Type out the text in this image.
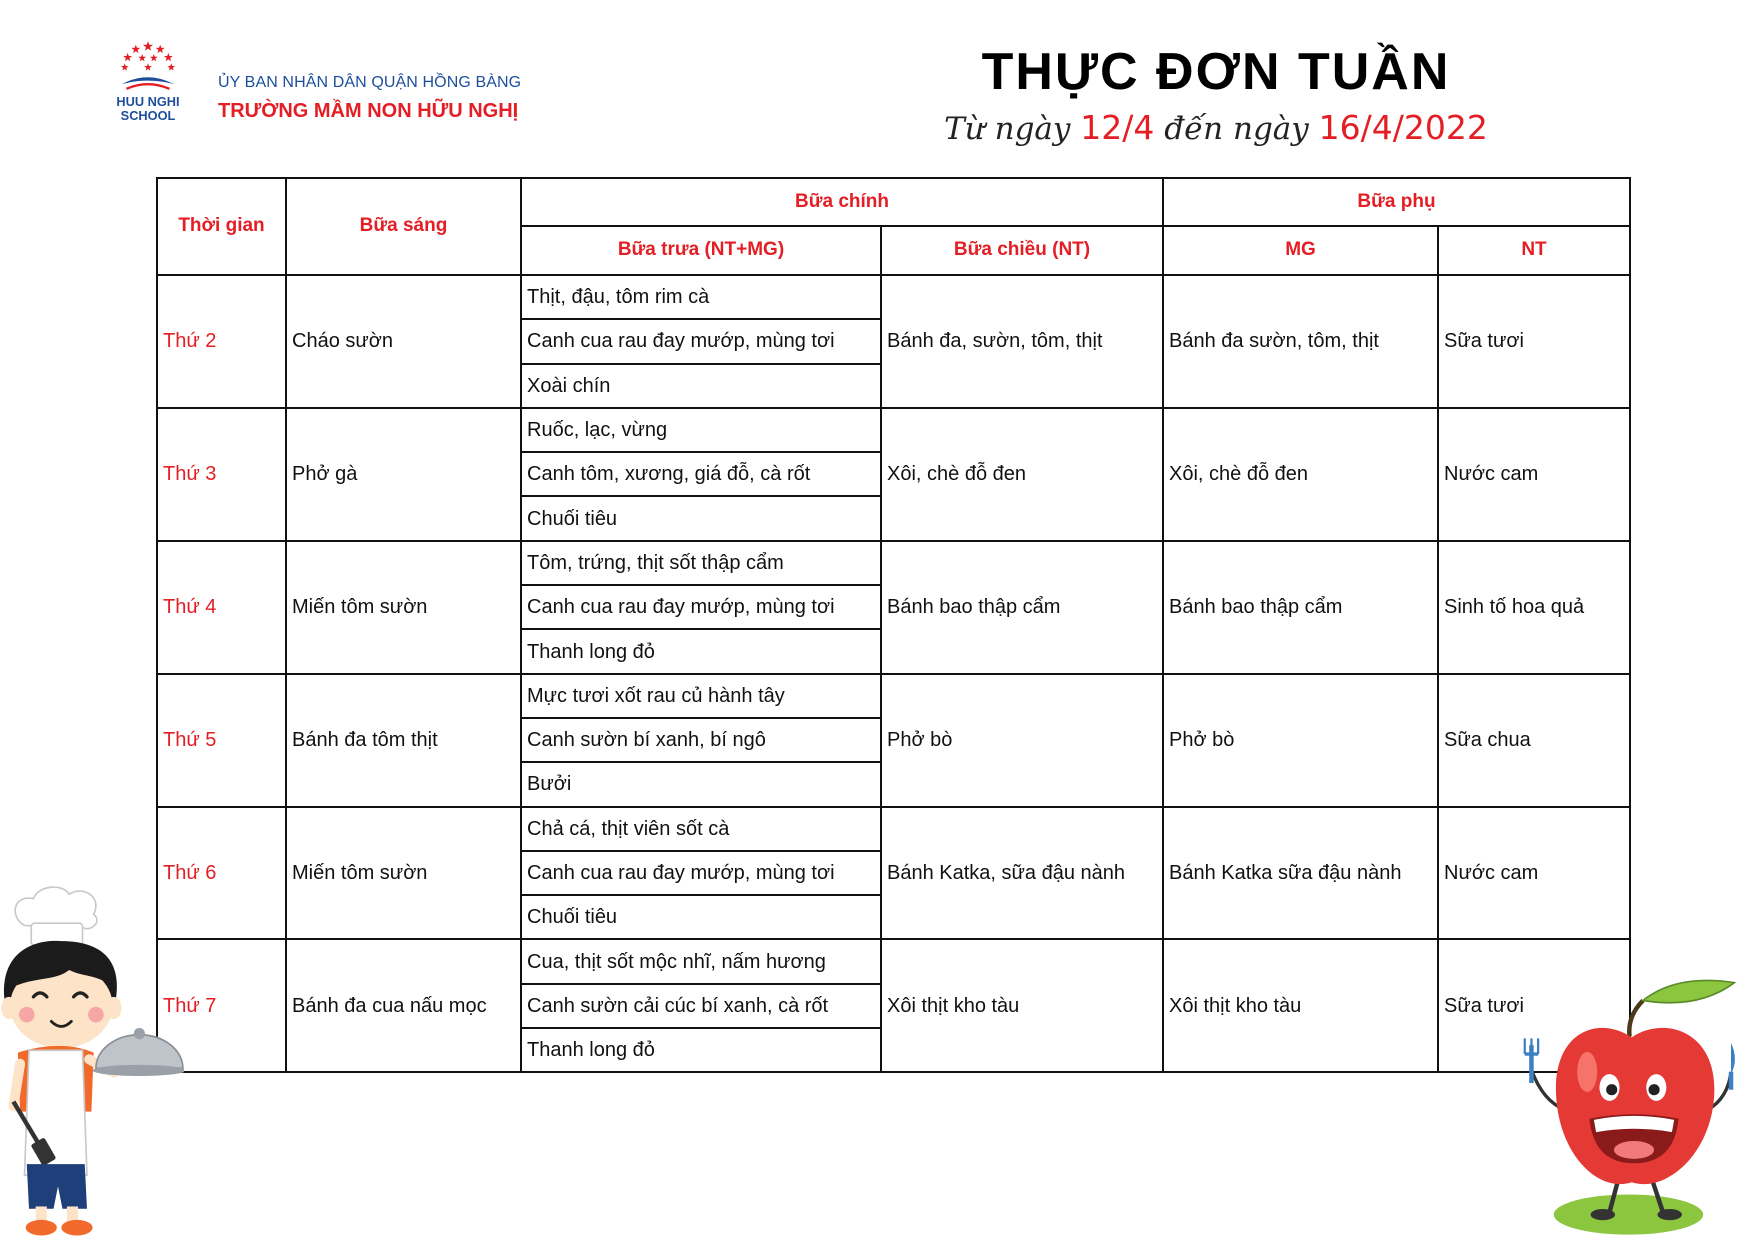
HUU NGHI
SCHOOL
ỦY BAN NHÂN DÂN QUẬN HỒNG BÀNG
TRƯỜNG MẦM NON HỮU NGHỊ
THỰC ĐƠN TUẦN
Từ ngày 12/4 đến ngày 16/4/2022
Thời gian	Bữa sáng	Bữa chính		Bữa phụ	
		Bữa trưa (NT+MG)	Bữa chiều (NT)	MG	NT
Thứ 2	Cháo sườn	Thịt, đậu, tôm rim cà	Bánh đa, sườn, tôm, thịt	Bánh đa sườn, tôm, thịt	Sữa tươi
		Canh cua rau đay mướp, mùng tơi			
		Xoài chín			
Thứ 3	Phở gà	Ruốc, lạc, vừng	Xôi, chè đỗ đen	Xôi, chè đỗ đen	Nước cam
		Canh tôm, xương, giá đỗ, cà rốt			
		Chuối tiêu			
Thứ 4	Miến tôm sườn	Tôm, trứng, thịt sốt thập cẩm	Bánh bao thập cẩm	Bánh bao thập cẩm	Sinh tố hoa quả
		Canh cua rau đay mướp, mùng tơi			
		Thanh long đỏ			
Thứ 5	Bánh đa tôm thịt	Mực tươi xốt rau củ hành tây	Phở bò	Phở bò	Sữa chua
		Canh sườn bí xanh, bí ngô			
		Bưởi			
Thứ 6	Miến tôm sườn	Chả cá, thịt viên sốt cà	Bánh Katka, sữa đậu nành	Bánh Katka sữa đậu nành	Nước cam
		Canh cua rau đay mướp, mùng tơi			
		Chuối tiêu			
Thứ 7	Bánh đa cua nấu mọc	Cua, thịt sốt mộc nhĩ, nấm hương	Xôi thịt kho tàu	Xôi thịt kho tàu	Sữa tươi
		Canh sườn cải cúc bí xanh, cà rốt			
		Thanh long đỏ			
